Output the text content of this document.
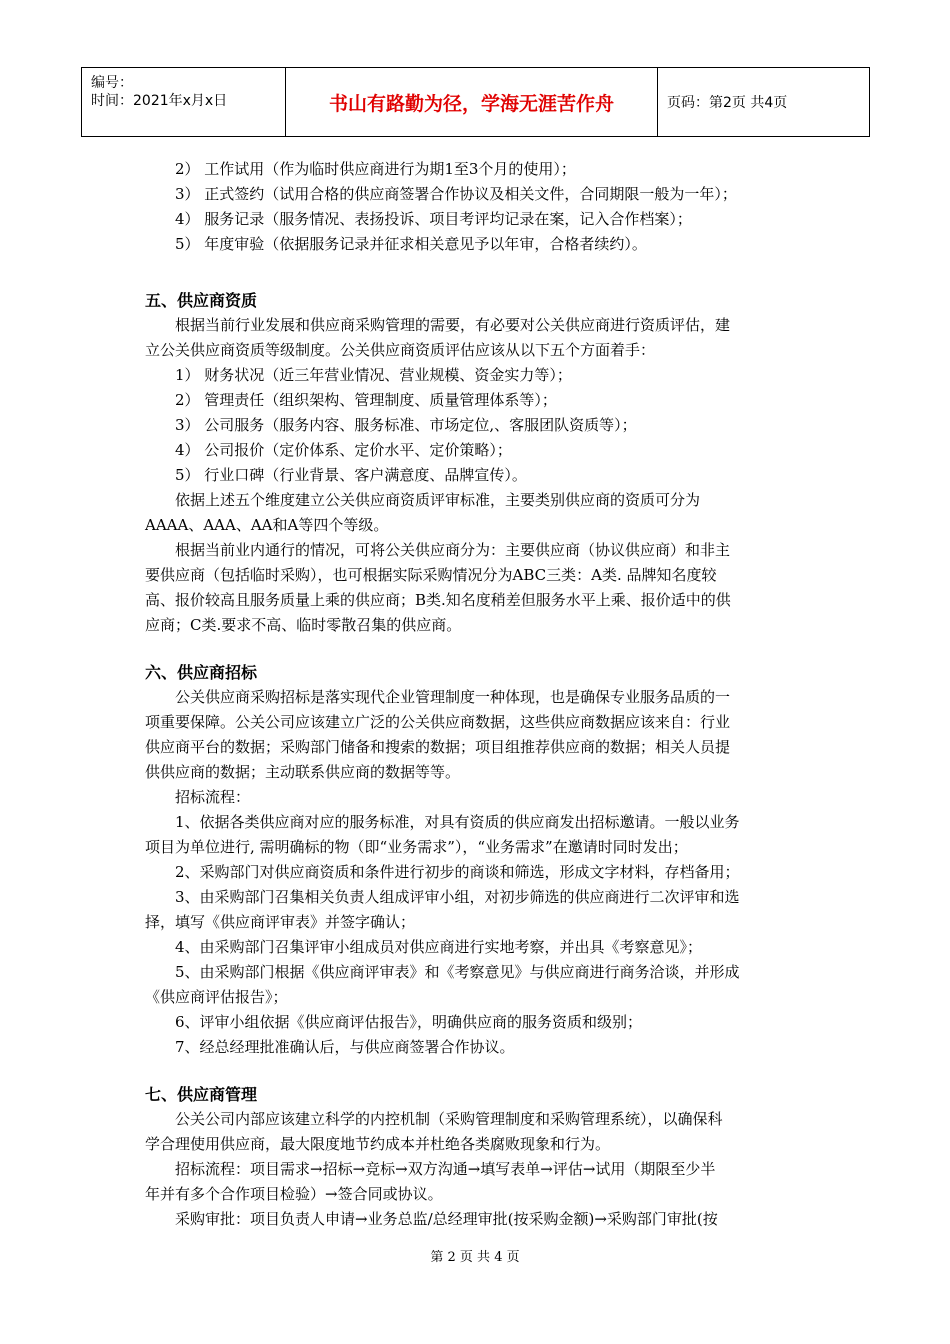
编号：
时间：2021年x月x日	书山有路勤为径，学海无涯苦作舟	页码：第2页 共4页
2） 工作试用（作为临时供应商进行为期1至3个月的使用）；
3） 正式签约（试用合格的供应商签署合作协议及相关文件，合同期限一般为一年）；
4） 服务记录（服务情况、表扬投诉、项目考评均记录在案，记入合作档案）；
5） 年度审验（依据服务记录并征求相关意见予以年审，合格者续约）。
五、供应商资质
根据当前行业发展和供应商采购管理的需要，有必要对公关供应商进行资质评估，建
立公关供应商资质等级制度。公关供应商资质评估应该从以下五个方面着手：
1） 财务状况（近三年营业情况、营业规模、资金实力等）；
2） 管理责任（组织架构、管理制度、质量管理体系等）；
3） 公司服务（服务内容、服务标准、市场定位,、客服团队资质等）；
4） 公司报价（定价体系、定价水平、定价策略）；
5） 行业口碑（行业背景、客户满意度、品牌宣传）。
依据上述五个维度建立公关供应商资质评审标准，主要类别供应商的资质可分为
AAAA、AAA、AA和A等四个等级。
根据当前业内通行的情况，可将公关供应商分为：主要供应商（协议供应商）和非主
要供应商（包括临时采购），也可根据实际采购情况分为ABC三类：A类. 品牌知名度较
高、报价较高且服务质量上乘的供应商；B类.知名度稍差但服务水平上乘、报价适中的供
应商；C类.要求不高、临时零散召集的供应商。
六、供应商招标
公关供应商采购招标是落实现代企业管理制度一种体现，也是确保专业服务品质的一
项重要保障。公关公司应该建立广泛的公关供应商数据，这些供应商数据应该来自：行业
供应商平台的数据；采购部门储备和搜索的数据；项目组推荐供应商的数据；相关人员提
供供应商的数据；主动联系供应商的数据等等。
招标流程：
1、依据各类供应商对应的服务标准，对具有资质的供应商发出招标邀请。一般以业务
项目为单位进行, 需明确标的物（即“业务需求”），“业务需求”在邀请时同时发出；
2、采购部门对供应商资质和条件进行初步的商谈和筛选，形成文字材料，存档备用；
3、由采购部门召集相关负责人组成评审小组，对初步筛选的供应商进行二次评审和选
择，填写《供应商评审表》并签字确认；
4、由采购部门召集评审小组成员对供应商进行实地考察，并出具《考察意见》；
5、由采购部门根据《供应商评审表》和《考察意见》与供应商进行商务洽谈，并形成
《供应商评估报告》；
6、评审小组依据《供应商评估报告》，明确供应商的服务资质和级别；
7、经总经理批准确认后，与供应商签署合作协议。
七、供应商管理
公关公司内部应该建立科学的内控机制（采购管理制度和采购管理系统），以确保科
学合理使用供应商，最大限度地节约成本并杜绝各类腐败现象和行为。
招标流程：项目需求→招标→竞标→双方沟通→填写表单→评估→试用（期限至少半
年并有多个合作项目检验）→签合同或协议。
采购审批：项目负责人申请→业务总监/总经理审批(按采购金额)→采购部门审批(按
第 2 页 共 4 页
